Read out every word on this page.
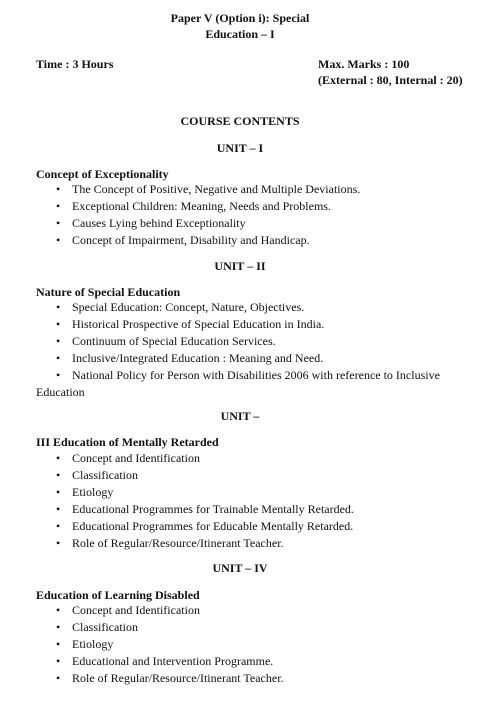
Paper V (Option i): Special
Education – I
Time : 3 Hours	Max. Marks : 100
(External : 80, Internal : 20)
COURSE CONTENTS
UNIT – I
Concept of Exceptionality
• The Concept of Positive, Negative and Multiple Deviations.
• Exceptional Children: Meaning, Needs and Problems.
• Causes Lying behind Exceptionality
• Concept of Impairment, Disability and Handicap.
UNIT – II
Nature of Special Education
• Special Education: Concept, Nature, Objectives.
• Historical Prospective of Special Education in India.
• Continuum of Special Education Services.
• Inclusive/Integrated Education : Meaning and Need.
• National Policy for Person with Disabilities 2006 with reference to Inclusive Education
UNIT –
III Education of Mentally Retarded
• Concept and Identification
• Classification
• Etiology
• Educational Programmes for Trainable Mentally Retarded.
• Educational Programmes for Educable Mentally Retarded.
• Role of Regular/Resource/Itinerant Teacher.
UNIT – IV
Education of Learning Disabled
• Concept and Identification
• Classification
• Etiology
• Educational and Intervention Programme.
• Role of Regular/Resource/Itinerant Teacher.
